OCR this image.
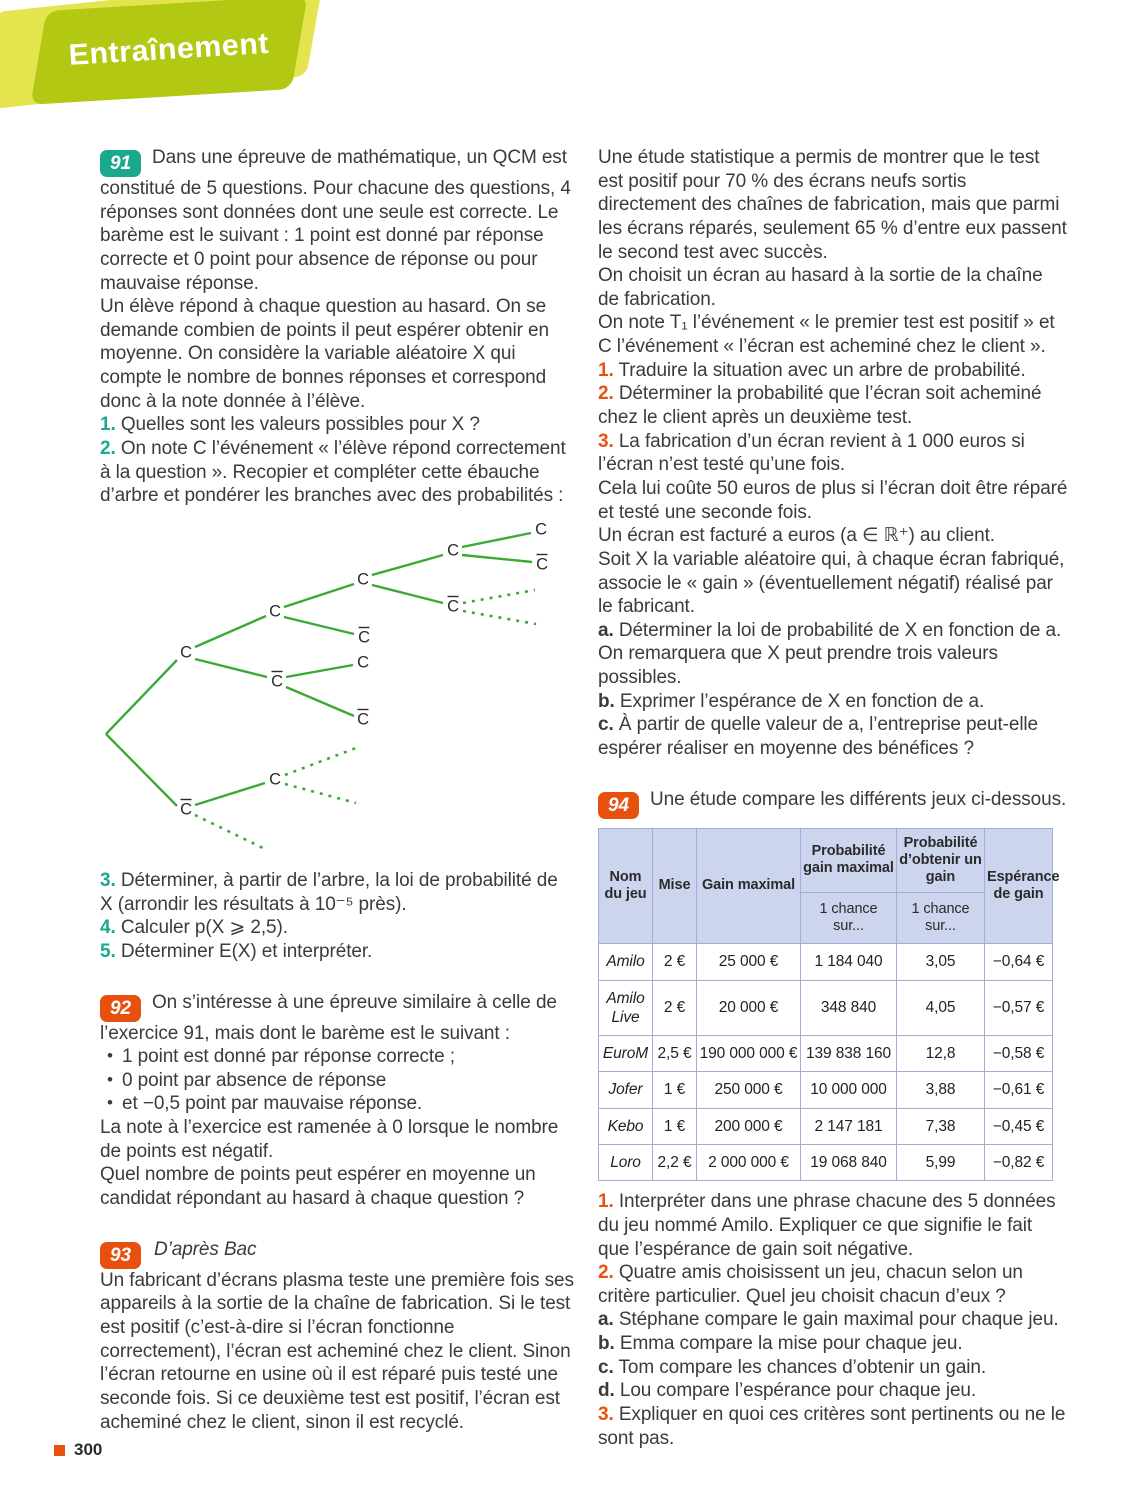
Entraînement

91 Dans une épreuve de mathématique, un QCM est constitué de 5 questions. Pour chacune des questions, 4 réponses sont données dont une seule est correcte. Le barème est le suivant : 1 point est donné par réponse correcte et 0 point pour absence de réponse ou pour mauvaise réponse.

Un élève répond à chaque question au hasard. On se demande combien de points il peut espérer obtenir en moyenne. On considère la variable aléatoire X qui compte le nombre de bonnes réponses et correspond donc à la note donnée à l’élève.

1. Quelles sont les valeurs possibles pour X ?

2. On note C l’événement « l’élève répond correctement à la question ». Recopier et compléter cette ébauche d’arbre et pondérer les branches avec des probabilités :

C
C
C
C
C
C
C
C
C
C
C
C
C

3. Déterminer, à partir de l’arbre, la loi de probabilité de X (arrondir les résultats à 10⁻⁵ près).

4. Calculer p(X ⩾ 2,5).

5. Déterminer E(X) et interpréter.

92 On s’intéresse à une épreuve similaire à celle de l’exercice 91, mais dont le barème est le suivant :

• 1 point est donné par réponse correcte ;
• 0 point par absence de réponse
• et −0,5 point par mauvaise réponse.

La note à l’exercice est ramenée à 0 lorsque le nombre de points est négatif.

Quel nombre de points peut espérer en moyenne un candidat répondant au hasard à chaque question ?

93 D’après Bac

Un fabricant d’écrans plasma teste une première fois ses appareils à la sortie de la chaîne de fabrication. Si le test est positif (c’est-à-dire si l’écran fonctionne correctement), l’écran est acheminé chez le client. Sinon l’écran retourne en usine où il est réparé puis testé une seconde fois. Si ce deuxième test est positif, l’écran est acheminé chez le client, sinon il est recyclé.

Une étude statistique a permis de montrer que le test est positif pour 70 % des écrans neufs sortis directement des chaînes de fabrication, mais que parmi les écrans réparés, seulement 65 % d’entre eux passent le second test avec succès.

On choisit un écran au hasard à la sortie de la chaîne de fabrication.

On note T₁ l’événement « le premier test est positif » et C l’événement « l’écran est acheminé chez le client ».

1. Traduire la situation avec un arbre de probabilité.

2. Déterminer la probabilité que l’écran soit acheminé chez le client après un deuxième test.

3. La fabrication d’un écran revient à 1 000 euros si l’écran n’est testé qu’une fois.

Cela lui coûte 50 euros de plus si l’écran doit être réparé et testé une seconde fois.

Un écran est facturé a euros (a ∈ ℝ⁺) au client.

Soit X la variable aléatoire qui, à chaque écran fabriqué, associe le « gain » (éventuellement négatif) réalisé par le fabricant.

a. Déterminer la loi de probabilité de X en fonction de a. On remarquera que X peut prendre trois valeurs possibles.

b. Exprimer l’espérance de X en fonction de a.

c. À partir de quelle valeur de a, l’entreprise peut-elle espérer réaliser en moyenne des bénéfices ?

94 Une étude compare les différents jeux ci-dessous.

Nom du jeu	Mise	Gain maximal	Probabilité gain maximal	Probabilité d’obtenir un gain	Espérance de gain
			1 chance sur...	1 chance sur...	
Amilo	2 €	25 000 €	1 184 040	3,05	−0,64 €
Amilo Live	2 €	20 000 €	348 840	4,05	−0,57 €
EuroM	2,5 €	190 000 000 €	139 838 160	12,8	−0,58 €
Jofer	1 €	250 000 €	10 000 000	3,88	−0,61 €
Kebo	1 €	200 000 €	2 147 181	7,38	−0,45 €
Loro	2,2 €	2 000 000 €	19 068 840	5,99	−0,82 €

1. Interpréter dans une phrase chacune des 5 données du jeu nommé Amilo. Expliquer ce que signifie le fait que l’espérance de gain soit négative.

2. Quatre amis choisissent un jeu, chacun selon un critère particulier. Quel jeu choisit chacun d’eux ?

a. Stéphane compare le gain maximal pour chaque jeu.

b. Emma compare la mise pour chaque jeu.

c. Tom compare les chances d’obtenir un gain.

d. Lou compare l’espérance pour chaque jeu.

3. Expliquer en quoi ces critères sont pertinents ou ne le sont pas.

300
